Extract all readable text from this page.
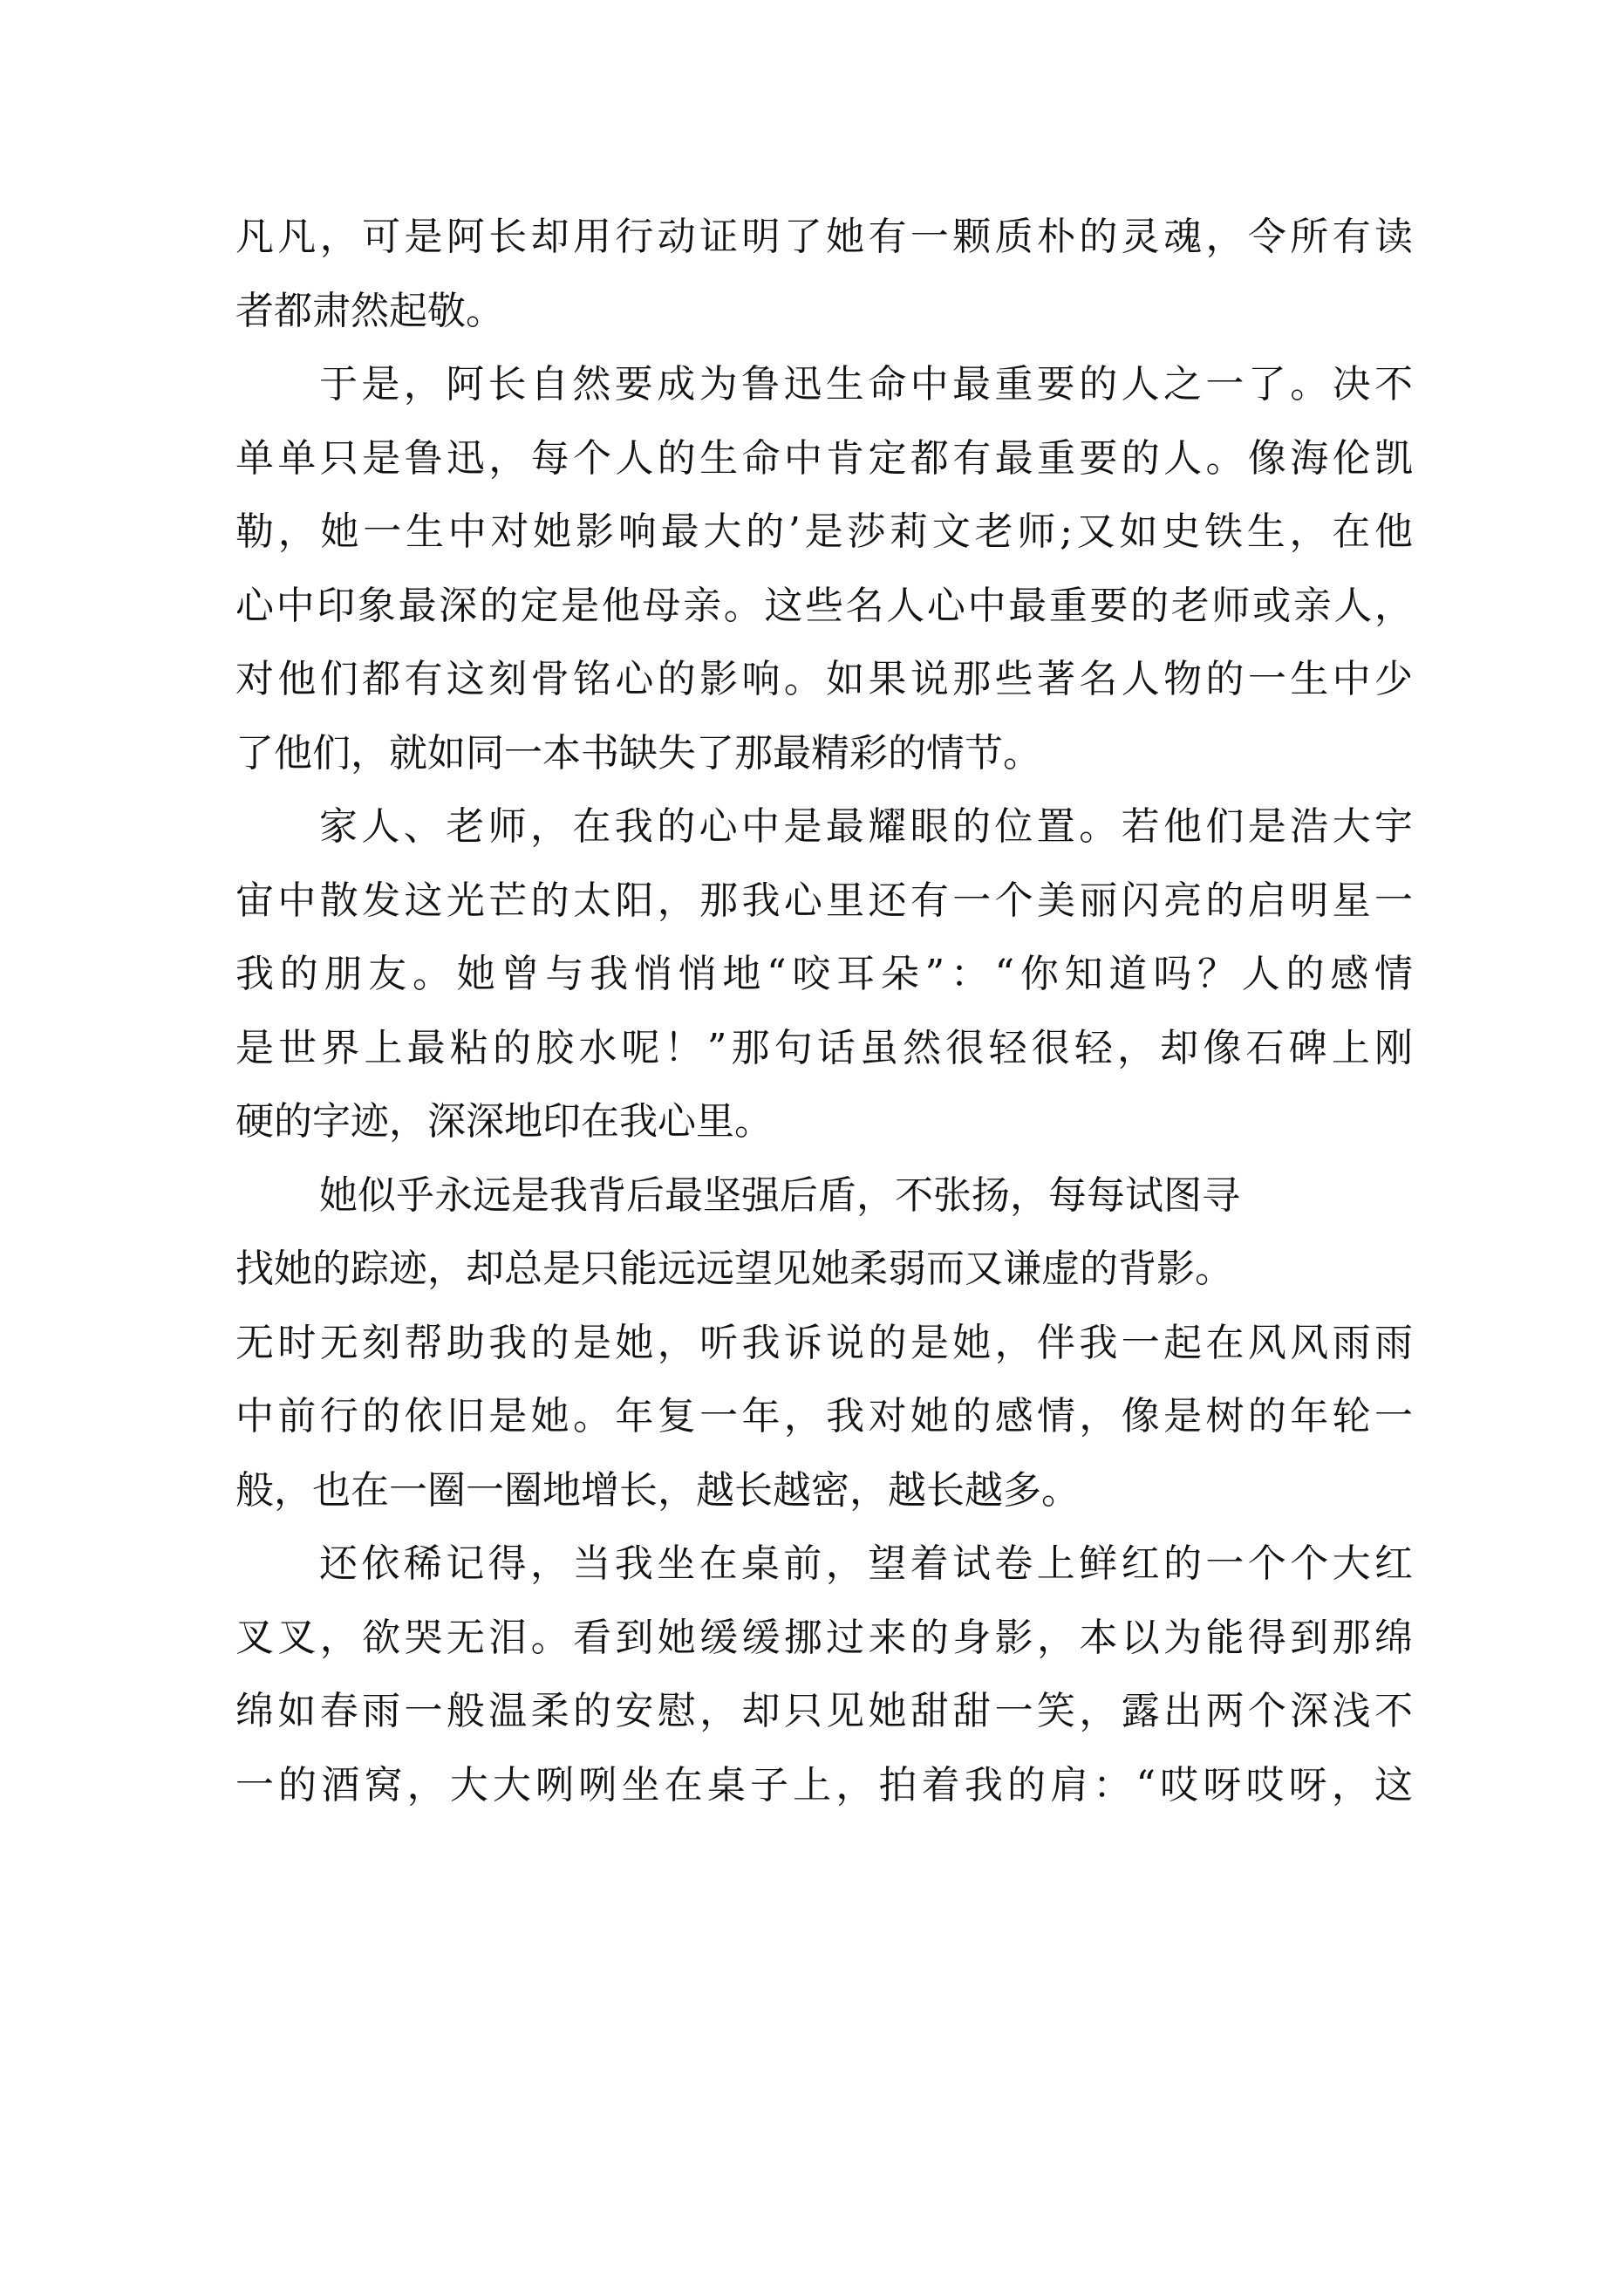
凡凡，可是阿长却用行动证明了她有一颗质朴的灵魂，令所有读
者都肃然起敬。
于是，阿长自然要成为鲁迅生命中最重要的人之一了。决不
单单只是鲁迅，每个人的生命中肯定都有最重要的人。像海伦凯
勒，她一生中对她影响最大的’是莎莉文老师;又如史铁生，在他
心中印象最深的定是他母亲。这些名人心中最重要的老师或亲人，
对他们都有这刻骨铭心的影响。如果说那些著名人物的一生中少
了他们，就如同一本书缺失了那最精彩的情节。
家人、老师，在我的心中是最耀眼的位置。若他们是浩大宇
宙中散发这光芒的太阳，那我心里还有一个美丽闪亮的启明星一
我的朋友。她曾与我悄悄地“咬耳朵”：“你知道吗？人的感情
是世界上最粘的胶水呢！”那句话虽然很轻很轻，却像石碑上刚
硬的字迹，深深地印在我心里。
她似乎永远是我背后最坚强后盾，不张扬，每每试图寻
找她的踪迹，却总是只能远远望见她柔弱而又谦虚的背影。
无时无刻帮助我的是她，听我诉说的是她，伴我一起在风风雨雨
中前行的依旧是她。年复一年，我对她的感情，像是树的年轮一
般，也在一圈一圈地增长，越长越密，越长越多。
还依稀记得，当我坐在桌前，望着试卷上鲜红的一个个大红
叉叉，欲哭无泪。看到她缓缓挪过来的身影，本以为能得到那绵
绵如春雨一般温柔的安慰，却只见她甜甜一笑，露出两个深浅不
一的酒窝，大大咧咧坐在桌子上，拍着我的肩：“哎呀哎呀，这
